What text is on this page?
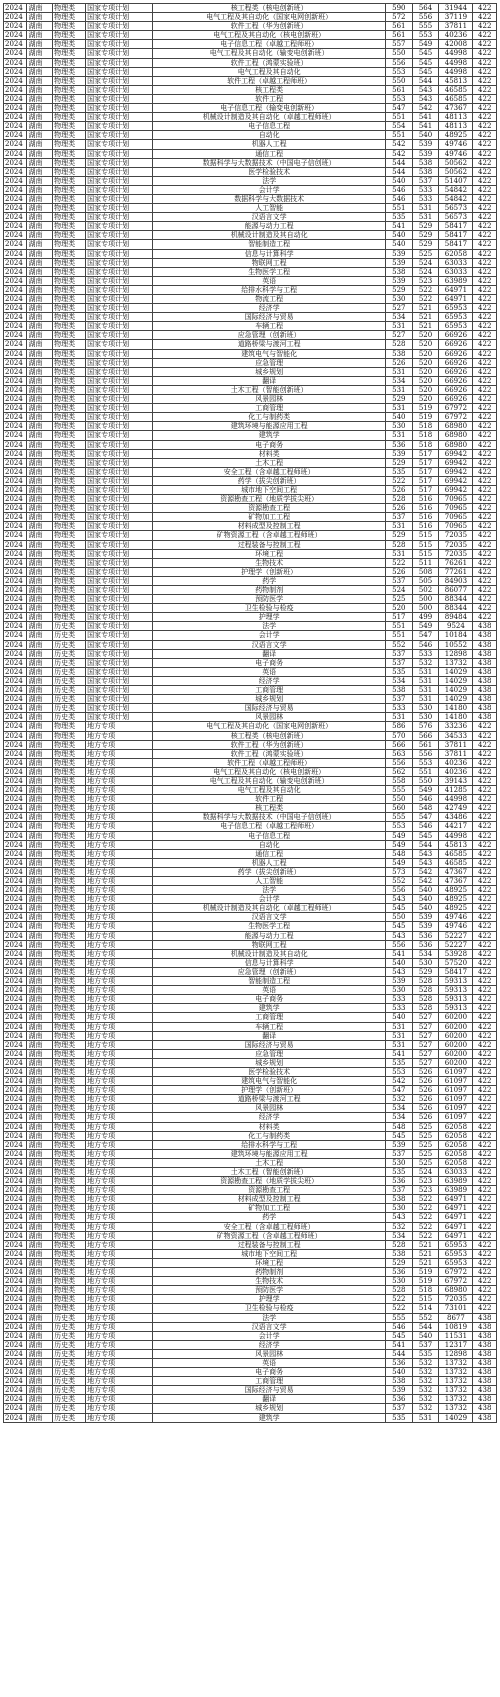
2024	湖南	物理类	国家专项计划	核工程类（核电创新班）	590	564	31944	422
2024	湖南	物理类	国家专项计划	电气工程及其自动化（国家电网创新班）	572	556	37119	422
2024	湖南	物理类	国家专项计划	软件工程（华为创新班）	561	555	37811	422
2024	湖南	物理类	国家专项计划	电气工程及其自动化（核电创新班）	561	553	40236	422
2024	湖南	物理类	国家专项计划	电子信息工程（卓越工程师班）	557	549	42008	422
2024	湖南	物理类	国家专项计划	电气工程及其自动化（输变电创新班）	550	545	44998	422
2024	湖南	物理类	国家专项计划	软件工程（鸿蒙实验班）	556	545	44998	422
2024	湖南	物理类	国家专项计划	电气工程及其自动化	553	545	44998	422
2024	湖南	物理类	国家专项计划	软件工程（卓越工程师班）	550	544	45813	422
2024	湖南	物理类	国家专项计划	核工程类	561	543	46585	422
2024	湖南	物理类	国家专项计划	软件工程	553	543	46585	422
2024	湖南	物理类	国家专项计划	电子信息工程（输变电创新班）	547	542	47367	422
2024	湖南	物理类	国家专项计划	机械设计制造及其自动化（卓越工程师班）	551	541	48113	422
2024	湖南	物理类	国家专项计划	电子信息工程	554	541	48113	422
2024	湖南	物理类	国家专项计划	自动化	551	540	48925	422
2024	湖南	物理类	国家专项计划	机器人工程	542	539	49746	422
2024	湖南	物理类	国家专项计划	通信工程	542	539	49746	422
2024	湖南	物理类	国家专项计划	数据科学与大数据技术（中国电子信创班）	544	538	50562	422
2024	湖南	物理类	国家专项计划	医学检验技术	544	538	50562	422
2024	湖南	物理类	国家专项计划	法学	540	537	51407	422
2024	湖南	物理类	国家专项计划	会计学	546	533	54842	422
2024	湖南	物理类	国家专项计划	数据科学与大数据技术	546	533	54842	422
2024	湖南	物理类	国家专项计划	人工智能	551	531	56573	422
2024	湖南	物理类	国家专项计划	汉语言文学	535	531	56573	422
2024	湖南	物理类	国家专项计划	能源与动力工程	541	529	58417	422
2024	湖南	物理类	国家专项计划	机械设计制造及其自动化	540	529	58417	422
2024	湖南	物理类	国家专项计划	智能制造工程	540	529	58417	422
2024	湖南	物理类	国家专项计划	信息与计算科学	539	525	62058	422
2024	湖南	物理类	国家专项计划	物联网工程	539	524	63033	422
2024	湖南	物理类	国家专项计划	生物医学工程	538	524	63033	422
2024	湖南	物理类	国家专项计划	英语	539	523	63989	422
2024	湖南	物理类	国家专项计划	给排水科学与工程	529	522	64971	422
2024	湖南	物理类	国家专项计划	物流工程	530	522	64971	422
2024	湖南	物理类	国家专项计划	经济学	527	521	65953	422
2024	湖南	物理类	国家专项计划	国际经济与贸易	534	521	65953	422
2024	湖南	物理类	国家专项计划	车辆工程	531	521	65953	422
2024	湖南	物理类	国家专项计划	应急管理（创新班）	527	520	66926	422
2024	湖南	物理类	国家专项计划	道路桥梁与渡河工程	528	520	66926	422
2024	湖南	物理类	国家专项计划	建筑电气与智能化	538	520	66926	422
2024	湖南	物理类	国家专项计划	应急管理	526	520	66926	422
2024	湖南	物理类	国家专项计划	城乡规划	531	520	66926	422
2024	湖南	物理类	国家专项计划	翻译	534	520	66926	422
2024	湖南	物理类	国家专项计划	土木工程（智能创新班）	531	520	66926	422
2024	湖南	物理类	国家专项计划	风景园林	529	520	66926	422
2024	湖南	物理类	国家专项计划	工商管理	531	519	67972	422
2024	湖南	物理类	国家专项计划	化工与制药类	540	519	67972	422
2024	湖南	物理类	国家专项计划	建筑环境与能源应用工程	530	518	68980	422
2024	湖南	物理类	国家专项计划	建筑学	531	518	68980	422
2024	湖南	物理类	国家专项计划	电子商务	536	518	68980	422
2024	湖南	物理类	国家专项计划	材料类	539	517	69942	422
2024	湖南	物理类	国家专项计划	土木工程	529	517	69942	422
2024	湖南	物理类	国家专项计划	安全工程（含卓越工程师班）	535	517	69942	422
2024	湖南	物理类	国家专项计划	药学（拔尖创新班）	522	517	69942	422
2024	湖南	物理类	国家专项计划	城市地下空间工程	526	517	69942	422
2024	湖南	物理类	国家专项计划	资源勘查工程（地质学拔尖班）	528	516	70965	422
2024	湖南	物理类	国家专项计划	资源勘查工程	526	516	70965	422
2024	湖南	物理类	国家专项计划	矿物加工工程	537	516	70965	422
2024	湖南	物理类	国家专项计划	材料成型及控制工程	531	516	70965	422
2024	湖南	物理类	国家专项计划	矿物资源工程（含卓越工程师班）	529	515	72035	422
2024	湖南	物理类	国家专项计划	过程装备与控制工程	528	515	72035	422
2024	湖南	物理类	国家专项计划	环境工程	531	515	72035	422
2024	湖南	物理类	国家专项计划	生物技术	522	511	76261	422
2024	湖南	物理类	国家专项计划	护理学（创新班）	526	508	77261	422
2024	湖南	物理类	国家专项计划	药学	537	505	84903	422
2024	湖南	物理类	国家专项计划	药物制剂	524	502	86077	422
2024	湖南	物理类	国家专项计划	预防医学	525	500	88344	422
2024	湖南	物理类	国家专项计划	卫生检验与检疫	520	500	88344	422
2024	湖南	物理类	国家专项计划	护理学	517	499	89484	422
2024	湖南	历史类	国家专项计划	法学	551	549	9524	438
2024	湖南	历史类	国家专项计划	会计学	551	547	10184	438
2024	湖南	历史类	国家专项计划	汉语言文学	552	546	10552	438
2024	湖南	历史类	国家专项计划	翻译	537	533	12898	438
2024	湖南	历史类	国家专项计划	电子商务	537	532	13732	438
2024	湖南	历史类	国家专项计划	英语	535	531	14029	438
2024	湖南	历史类	国家专项计划	经济学	534	531	14029	438
2024	湖南	历史类	国家专项计划	工商管理	538	531	14029	438
2024	湖南	历史类	国家专项计划	城乡规划	537	531	14029	438
2024	湖南	历史类	国家专项计划	国际经济与贸易	533	530	14180	438
2024	湖南	历史类	国家专项计划	风景园林	531	530	14180	438
2024	湖南	物理类	地方专项	电气工程及其自动化（国家电网创新班）	586	576	33236	422
2024	湖南	物理类	地方专项	核工程类（核电创新班）	570	566	34533	422
2024	湖南	物理类	地方专项	软件工程（华为创新班）	566	561	37811	422
2024	湖南	物理类	地方专项	软件工程（鸿蒙实验班）	563	556	37811	422
2024	湖南	物理类	地方专项	软件工程（卓越工程师班）	556	553	40236	422
2024	湖南	物理类	地方专项	电气工程及其自动化（核电创新班）	562	551	40236	422
2024	湖南	物理类	地方专项	电气工程及其自动化（输变电创新班）	558	550	39143	422
2024	湖南	物理类	地方专项	电气工程及其自动化	555	549	41285	422
2024	湖南	物理类	地方专项	软件工程	550	546	44998	422
2024	湖南	物理类	地方专项	核工程类	560	548	42749	422
2024	湖南	物理类	地方专项	数据科学与大数据技术（中国电子信创班）	555	547	43486	422
2024	湖南	物理类	地方专项	电子信息工程（卓越工程师班）	553	546	44217	422
2024	湖南	物理类	地方专项	电子信息工程	549	545	44998	422
2024	湖南	物理类	地方专项	自动化	549	544	45813	422
2024	湖南	物理类	地方专项	通信工程	548	543	46585	422
2024	湖南	物理类	地方专项	机器人工程	549	543	46585	422
2024	湖南	物理类	地方专项	药学（拔尖创新班）	573	542	47367	422
2024	湖南	物理类	地方专项	人工智能	552	542	47367	422
2024	湖南	物理类	地方专项	法学	556	540	48925	422
2024	湖南	物理类	地方专项	会计学	543	540	48925	422
2024	湖南	物理类	地方专项	机械设计制造及其自动化（卓越工程师班）	545	540	48925	422
2024	湖南	物理类	地方专项	汉语言文学	550	539	49746	422
2024	湖南	物理类	地方专项	生物医学工程	545	539	49746	422
2024	湖南	物理类	地方专项	能源与动力工程	543	536	52227	422
2024	湖南	物理类	地方专项	物联网工程	556	536	52227	422
2024	湖南	物理类	地方专项	机械设计制造及其自动化	541	534	53928	422
2024	湖南	物理类	地方专项	信息与计算科学	540	530	57520	422
2024	湖南	物理类	地方专项	应急管理（创新班）	543	529	58417	422
2024	湖南	物理类	地方专项	智能制造工程	539	528	59313	422
2024	湖南	物理类	地方专项	英语	530	528	59313	422
2024	湖南	物理类	地方专项	电子商务	533	528	59313	422
2024	湖南	物理类	地方专项	建筑学	533	528	59313	422
2024	湖南	物理类	地方专项	工商管理	540	527	60200	422
2024	湖南	物理类	地方专项	车辆工程	531	527	60200	422
2024	湖南	物理类	地方专项	翻译	531	527	60200	422
2024	湖南	物理类	地方专项	国际经济与贸易	531	527	60200	422
2024	湖南	物理类	地方专项	应急管理	541	527	60200	422
2024	湖南	物理类	地方专项	城乡规划	535	527	60200	422
2024	湖南	物理类	地方专项	医学检验技术	553	526	61097	422
2024	湖南	物理类	地方专项	建筑电气与智能化	542	526	61097	422
2024	湖南	物理类	地方专项	护理学（创新班）	547	526	61097	422
2024	湖南	物理类	地方专项	道路桥梁与渡河工程	532	526	61097	422
2024	湖南	物理类	地方专项	风景园林	534	526	61097	422
2024	湖南	物理类	地方专项	经济学	534	526	61097	422
2024	湖南	物理类	地方专项	材料类	548	525	62058	422
2024	湖南	物理类	地方专项	化工与制药类	545	525	62058	422
2024	湖南	物理类	地方专项	给排水科学与工程	539	525	62058	422
2024	湖南	物理类	地方专项	建筑环境与能源应用工程	537	525	62058	422
2024	湖南	物理类	地方专项	土木工程	530	525	62058	422
2024	湖南	物理类	地方专项	土木工程（智能创新班）	535	524	63033	422
2024	湖南	物理类	地方专项	资源勘查工程（地质学拔尖班）	536	523	63989	422
2024	湖南	物理类	地方专项	资源勘查工程	537	523	63989	422
2024	湖南	物理类	地方专项	材料成型及控制工程	538	522	64971	422
2024	湖南	物理类	地方专项	矿物加工工程	530	522	64971	422
2024	湖南	物理类	地方专项	药学	543	522	64971	422
2024	湖南	物理类	地方专项	安全工程（含卓越工程师班）	532	522	64971	422
2024	湖南	物理类	地方专项	矿物资源工程（含卓越工程师班）	534	522	64971	422
2024	湖南	物理类	地方专项	过程装备与控制工程	528	521	65953	422
2024	湖南	物理类	地方专项	城市地下空间工程	538	521	65953	422
2024	湖南	物理类	地方专项	环境工程	529	521	65953	422
2024	湖南	物理类	地方专项	药物制剂	536	519	67972	422
2024	湖南	物理类	地方专项	生物技术	530	519	67972	422
2024	湖南	物理类	地方专项	预防医学	528	518	68980	422
2024	湖南	物理类	地方专项	护理学	522	515	72035	422
2024	湖南	物理类	地方专项	卫生检验与检疫	522	514	73101	422
2024	湖南	历史类	地方专项	法学	555	552	8677	438
2024	湖南	历史类	地方专项	汉语言文学	546	544	10819	438
2024	湖南	历史类	地方专项	会计学	545	540	11531	438
2024	湖南	历史类	地方专项	经济学	541	537	12317	438
2024	湖南	历史类	地方专项	风景园林	544	535	12898	438
2024	湖南	历史类	地方专项	英语	536	532	13732	438
2024	湖南	历史类	地方专项	电子商务	540	532	13732	438
2024	湖南	历史类	地方专项	工商管理	538	532	13732	438
2024	湖南	历史类	地方专项	国际经济与贸易	539	532	13732	438
2024	湖南	历史类	地方专项	翻译	536	532	13732	438
2024	湖南	历史类	地方专项	城乡规划	537	532	13732	438
2024	湖南	历史类	地方专项	建筑学	535	531	14029	438
